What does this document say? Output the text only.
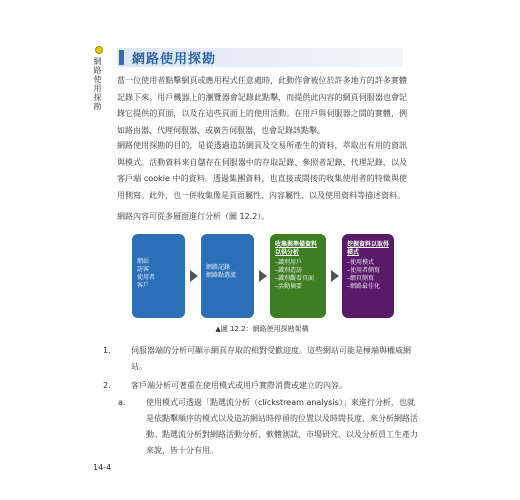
網路使用探勘 網路使用探勘

當一位使用者點擊網頁或應用程式任意處時，此動作會被位於許多地方的許多實體記錄下來。用戶機器上的瀏覽器會記錄此點擊，而提供此內容的網頁伺服器也會記錄它提供的頁面，以及在這些頁面上的使用活動。在用戶與伺服器之間的實體，例如路由器、代理伺服器、或廣告伺服器，也會記錄該點擊。

網路使用探勘的目的，是從透過造訪網頁及交易所產生的資料，萃取出有用的資訊與模式。活動資料來自儲存在伺服器中的存取記錄、參照者記錄、代理記錄、以及客戶端 cookie 中的資料。透過集團資料，也直接或間接的收集使用者的特徵與使用側寫。此外，也一併收集像是頁面屬性、內容屬性、以及使用資料等描述資料。

網路內容可從多層面進行分析（圖 12.2）。

網站
訪客
使用者
客戶
網路記錄
網路點選流
收集與準備資料以供分析
–識別用戶
–識別造訪
–識別觀看頁面
–活動摘要
挖掘資料以取得模式
–使用模式
–使用者側寫
–網頁側寫
–網路最佳化
▲圖 12.2：網路使用探勘架構
1.	伺服器端的分析可顯示網頁存取的相對受歡迎度。這些網站可能是極端與權威網站。
2.	客戶端分析可著重在使用模式或用戶實際消費或建立的內容。
a.	使用模式可透過「點選流分析（clickstream analysis）」來進行分析，也就是依點擊順序的模式以及造訪網站時停留的位置以及時間長度，來分析網路活動。點選流分析對網路活動分析、軟體測試、市場研究、以及分析員工生產力來說，皆十分有用。
14-4
